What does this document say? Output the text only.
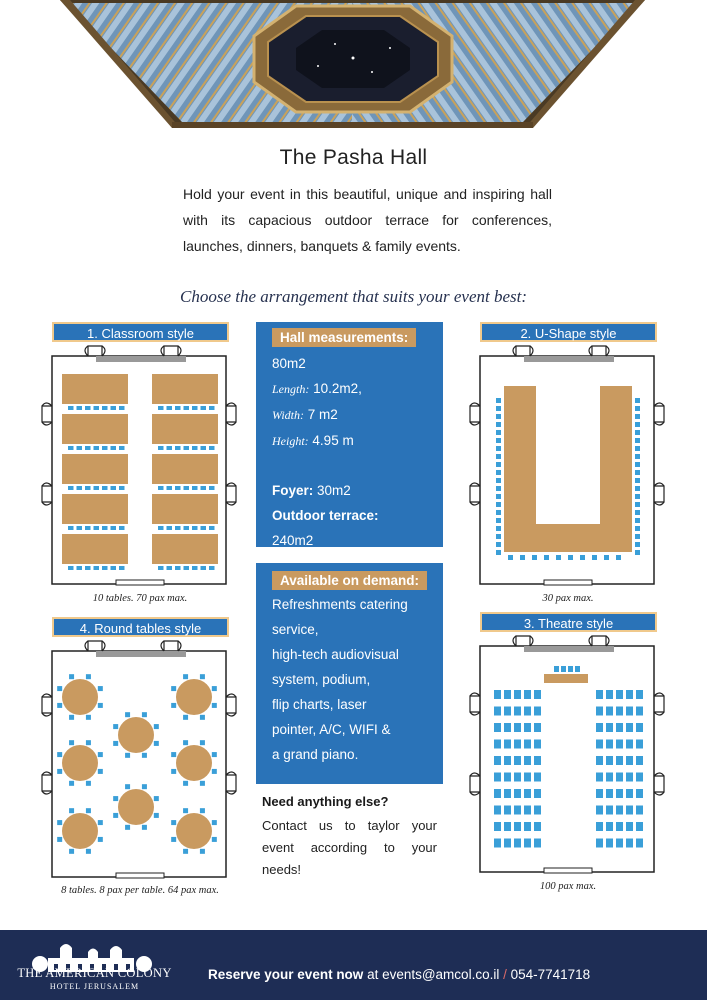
The Pasha Hall
Hold your event in this beautiful, unique and inspiring hall with its capacious outdoor terrace for conferences, launches, dinners, banquets & family events.
Choose the arrangement that suits your event best:
1. Classroom style
10 tables. 70 pax max.
4. Round tables style
8 tables. 8 pax per table. 64 pax max.
2. U-Shape style
30 pax max.
3. Theatre style
100 pax max.
Hall measurements:
80m2
Length: 10.2m2,
Width: 7 m2
Height: 4.95 m
Foyer: 30m2
Outdoor terrace:
240m2
Available on demand:
Refreshments catering
service,
high-tech audiovisual
system, podium,
flip charts, laser
pointer, A/C, WIFI &
a grand piano.
Need anything else?
Contact us to taylor your event according to your needs!
THE AMERICAN COLONY
HOTEL JERUSALEM
Reserve your event now at events@amcol.co.il / 054-7741718
